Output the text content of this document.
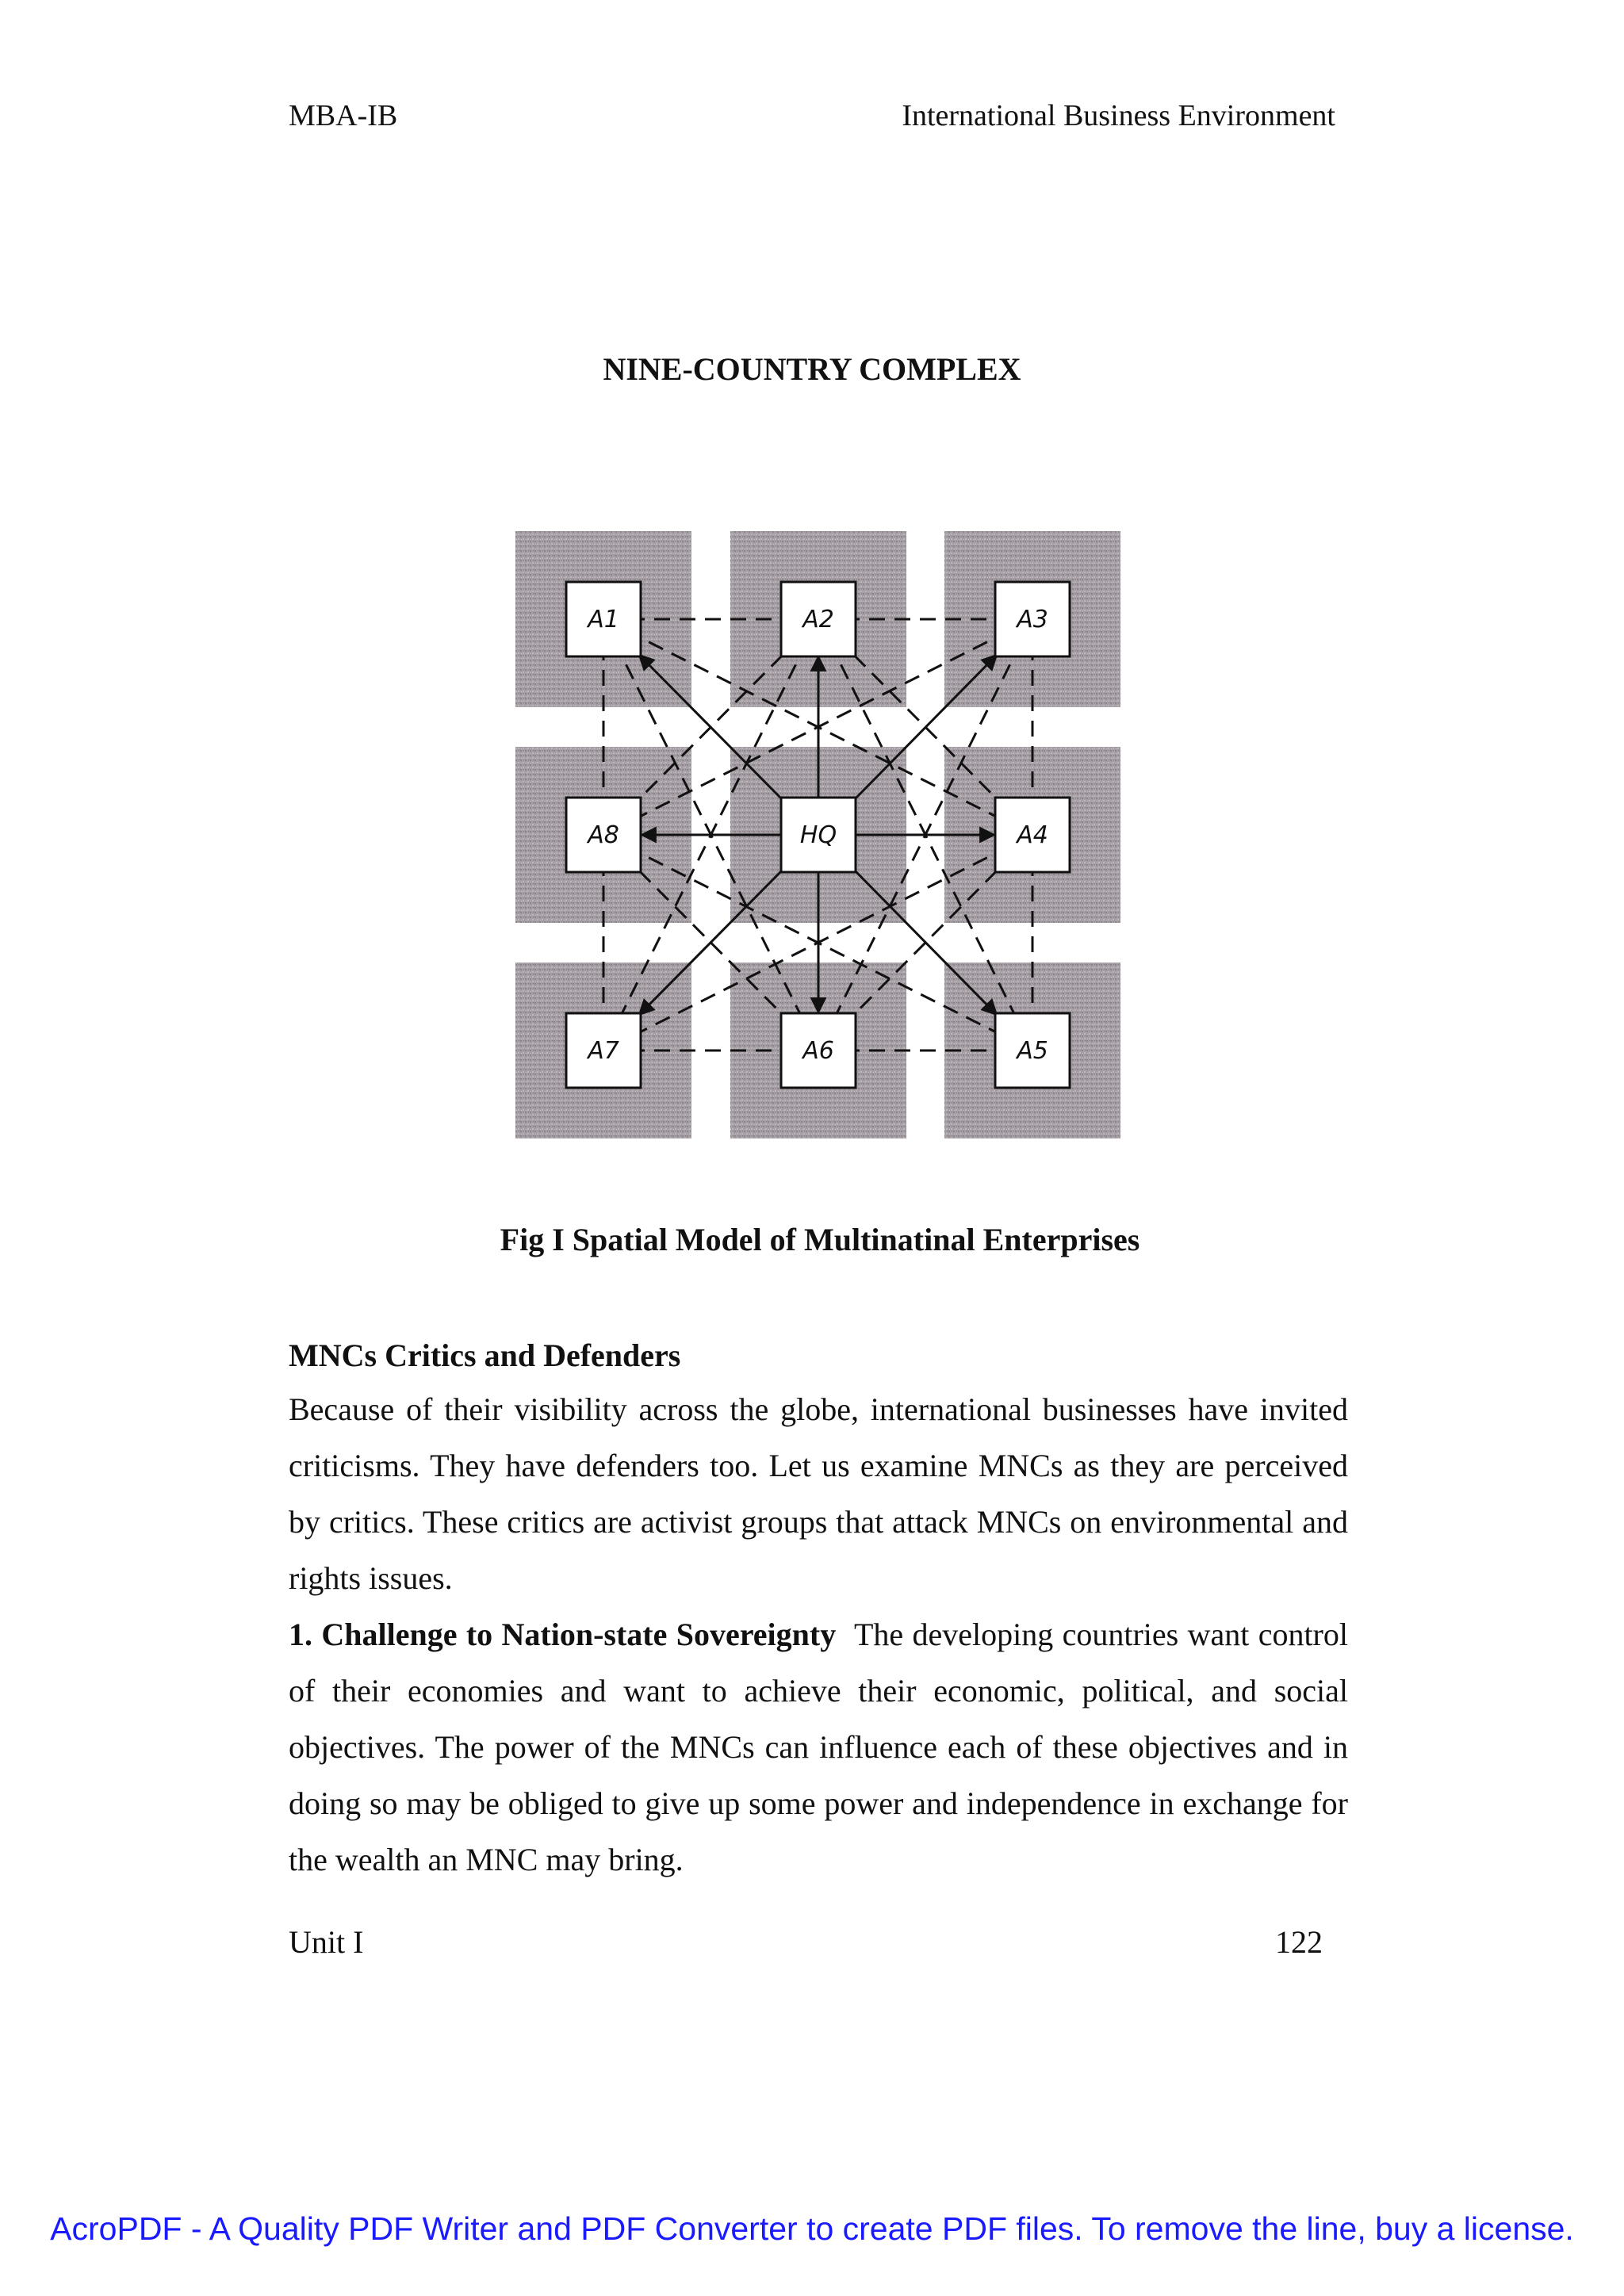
MBA-IB	International Business Environment
NINE-COUNTRY COMPLEX
A1	A2	A3
A4
A5
A6
A7
A8	HQ
Fig I Spatial Model of Multinatinal Enterprises
MNCs Critics and Defenders

Because of their visibility across the globe, international businesses have invited criticisms. They have defenders too. Let us examine MNCs as they are perceived by critics. These critics are activist groups that attack MNCs on environmental and rights issues.

1. Challenge to Nation-state Sovereignty The developing countries want control of their economies and want to achieve their economic, political, and social objectives. The power of the MNCs can influence each of these objectives and in doing so may be obliged to give up some power and independence in exchange for the wealth an MNC may bring.

Unit I	122
AcroPDF - A Quality PDF Writer and PDF Converter to create PDF files. To remove the line, buy a license.
